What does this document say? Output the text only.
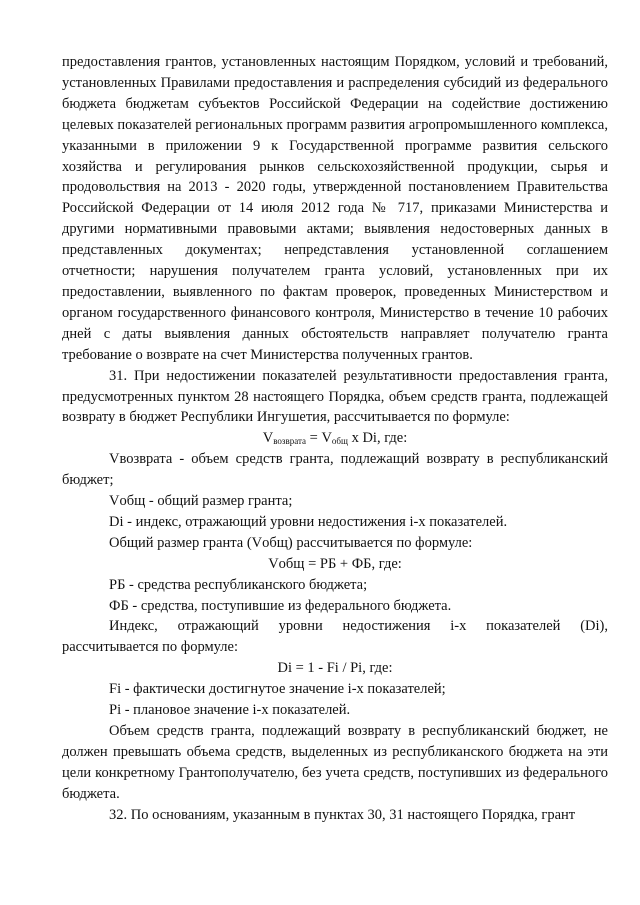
предоставления грантов, установленных настоящим Порядком, условий и требований, установленных Правилами предоставления и распределения субсидий из федерального бюджета бюджетам субъектов Российской Федерации на содействие достижению целевых показателей региональных программ развития агропромышленного комплекса, указанными в приложении 9 к Государственной программе развития сельского хозяйства и регулирования рынков сельскохозяйственной продукции, сырья и продовольствия на 2013 - 2020 годы, утвержденной постановлением Правительства Российской Федерации от 14 июля 2012 года № 717, приказами Министерства и другими нормативными правовыми актами; выявления недостоверных данных в представленных документах; непредставления установленной соглашением отчетности; нарушения получателем гранта условий, установленных при их предоставлении, выявленного по фактам проверок, проведенных Министерством и органом государственного финансового контроля, Министерство в течение 10 рабочих дней с даты выявления данных обстоятельств направляет получателю гранта требование о возврате на счет Министерства полученных грантов.

31. При недостижении показателей результативности предоставления гранта, предусмотренных пунктом 28 настоящего Порядка, объем средств гранта, подлежащей возврату в бюджет Республики Ингушетия, рассчитывается по формуле:

$V_{возврата} = V_{общ}$ x Di, где:

Vвозврата - объем средств гранта, подлежащий возврату в республиканский бюджет;

Vобщ - общий размер гранта;

Di - индекс, отражающий уровни недостижения i-х показателей.

Общий размер гранта (Vобщ) рассчитывается по формуле:

Vобщ = РБ + ФБ, где:

РБ - средства республиканского бюджета;

ФБ - средства, поступившие из федерального бюджета.

Индекс, отражающий уровни недостижения i-х показателей (Di), рассчитывается по формуле:

Di = 1 - Fi / Pi, где:

Fi - фактически достигнутое значение i-х показателей;

Pi - плановое значение i-х показателей.

Объем средств гранта, подлежащий возврату в республиканский бюджет, не должен превышать объема средств, выделенных из республиканского бюджета на эти цели конкретному Грантополучателю, без учета средств, поступивших из федерального бюджета.

32. По основаниям, указанным в пунктах 30, 31 настоящего Порядка, грант
